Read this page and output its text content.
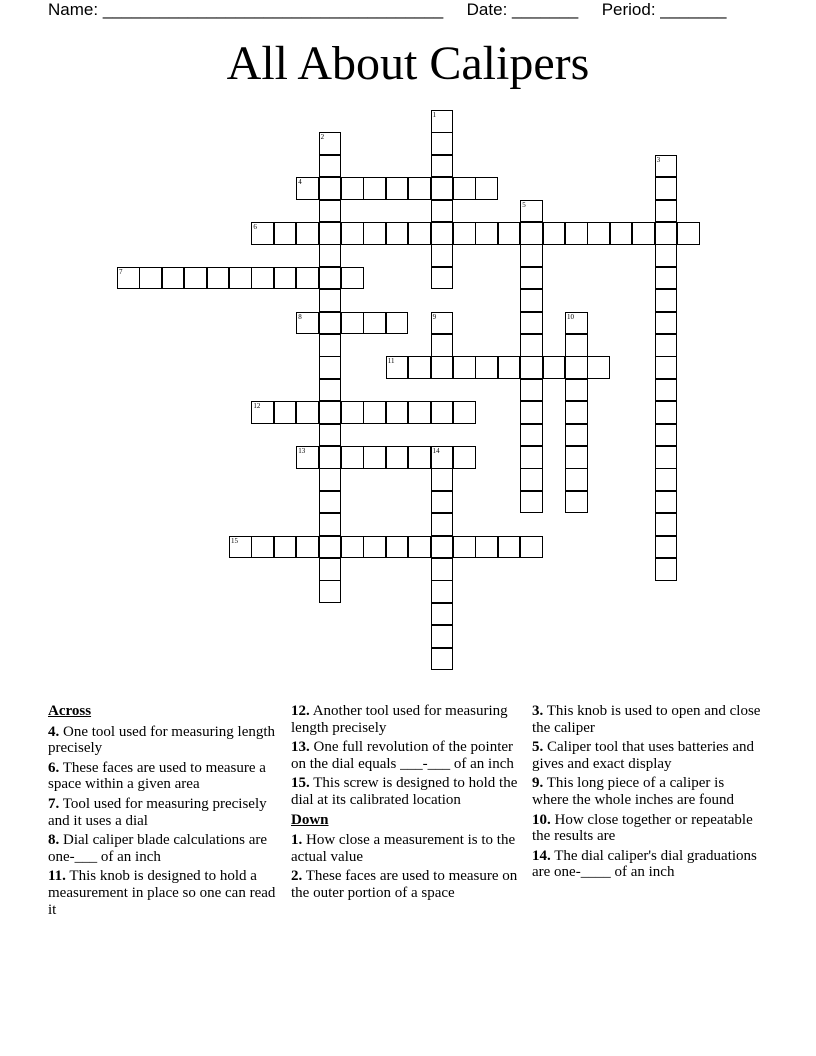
Name: ____________________________________ Date: _______ Period: _______
All About Calipers
1
2
3
4
5
6
7
8	9	10
11
12
13	14
15
Across
4. One tool used for measuring length precisely
6. These faces are used to measure a space within a given area
7. Tool used for measuring precisely and it uses a dial
8. Dial caliper blade calculations are one-___ of an inch
11. This knob is designed to hold a measurement in place so one can read it
12. Another tool used for measuring length precisely
13. One full revolution of the pointer on the dial equals ___-___ of an inch
15. This screw is designed to hold the dial at its calibrated location
Down
1. How close a measurement is to the actual value
2. These faces are used to measure on the outer portion of a space
3. This knob is used to open and close the caliper
5. Caliper tool that uses batteries and gives and exact display
9. This long piece of a caliper is where the whole inches are found
10. How close together or repeatable the results are
14. The dial caliper's dial graduations are one-____ of an inch
